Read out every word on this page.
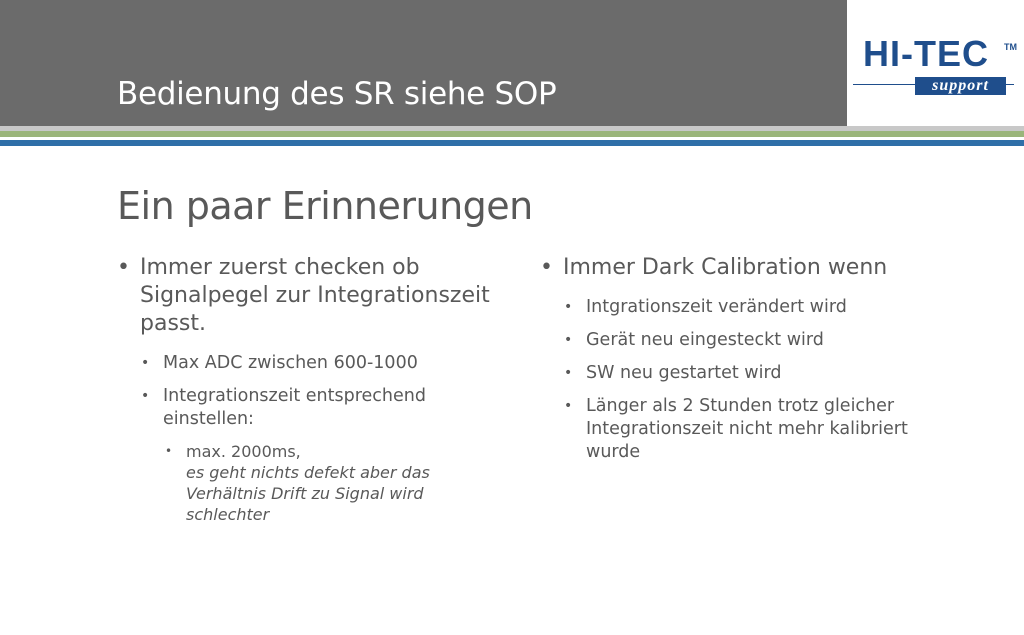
Bedienung des SR siehe SOP
HI-TEC TM
support
Ein paar Erinnerungen
• Immer zuerst checken ob Signalpegel zur Integrationszeit passt.
• Max ADC zwischen 600-1000
• Integrationszeit entsprechend einstellen:
• max. 2000ms,
es geht nichts defekt aber das Verhältnis Drift zu Signal wird schlechter
• Immer Dark Calibration wenn
• Intgrationszeit verändert wird
• Gerät neu eingesteckt wird
• SW neu gestartet wird
• Länger als 2 Stunden trotz gleicher Integrationszeit nicht mehr kalibriert wurde
